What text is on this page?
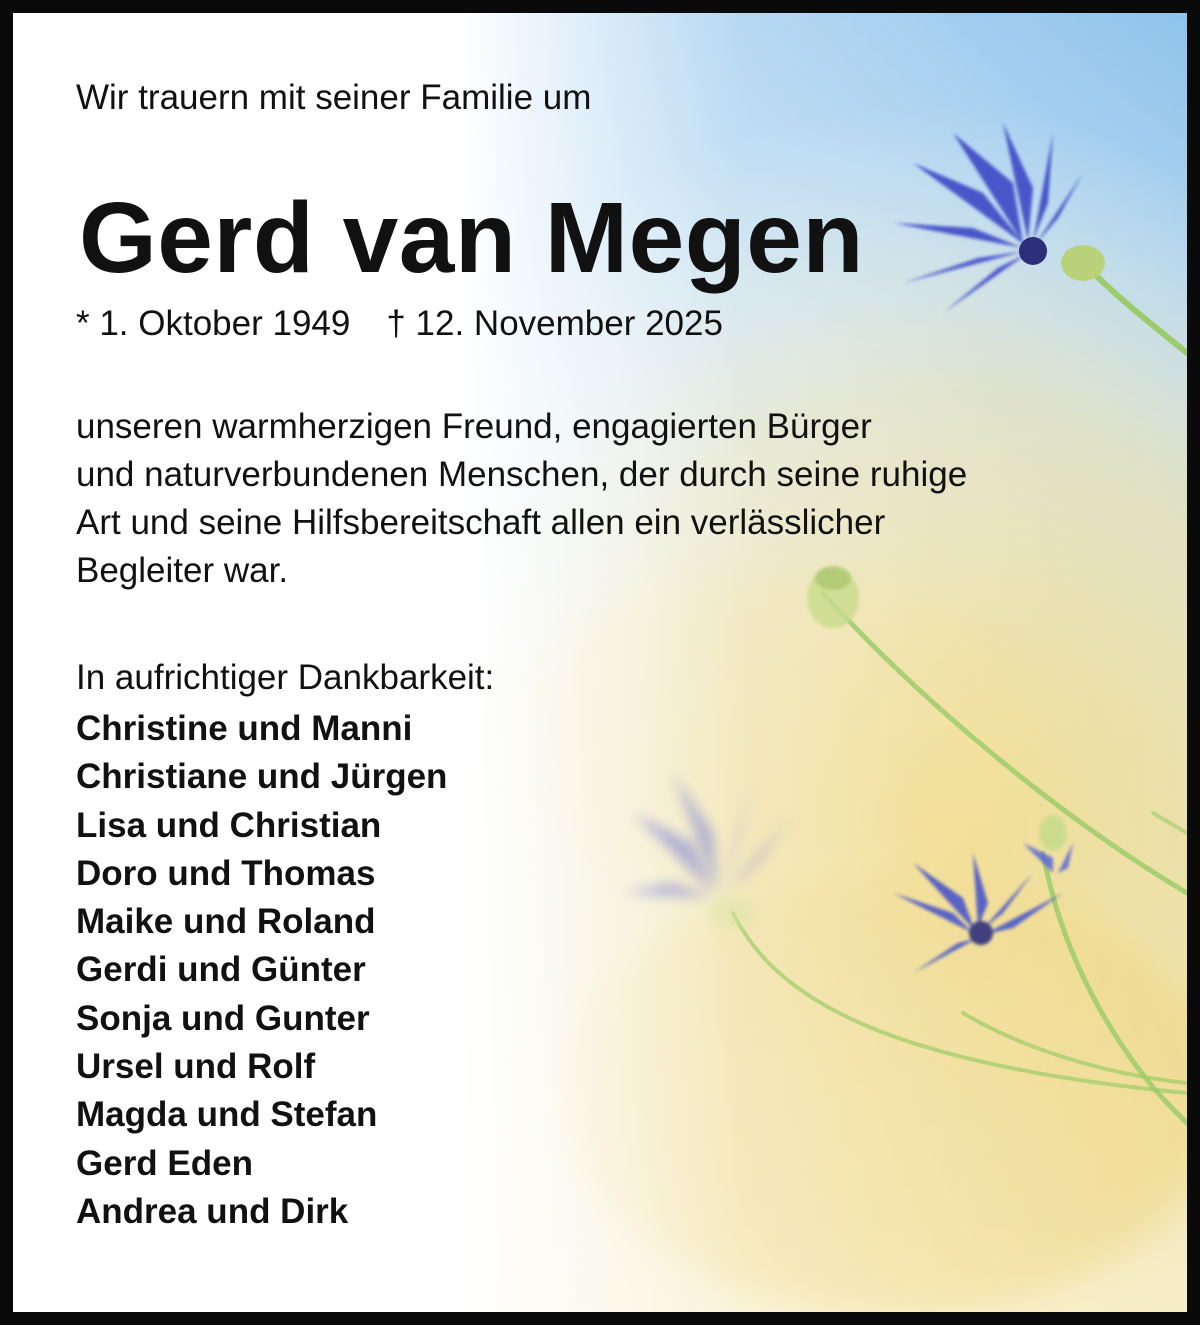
Wir trauern mit seiner Familie um
Gerd van Megen
* 1. Oktober 1949 † 12. November 2025
unseren warmherzigen Freund, engagierten Bürger
und naturverbundenen Menschen, der durch seine ruhige
Art und seine Hilfsbereitschaft allen ein verlässlicher
Begleiter war.
In aufrichtiger Dankbarkeit:
Christine und Manni
Christiane und Jürgen
Lisa und Christian
Doro und Thomas
Maike und Roland
Gerdi und Günter
Sonja und Gunter
Ursel und Rolf
Magda und Stefan
Gerd Eden
Andrea und Dirk
